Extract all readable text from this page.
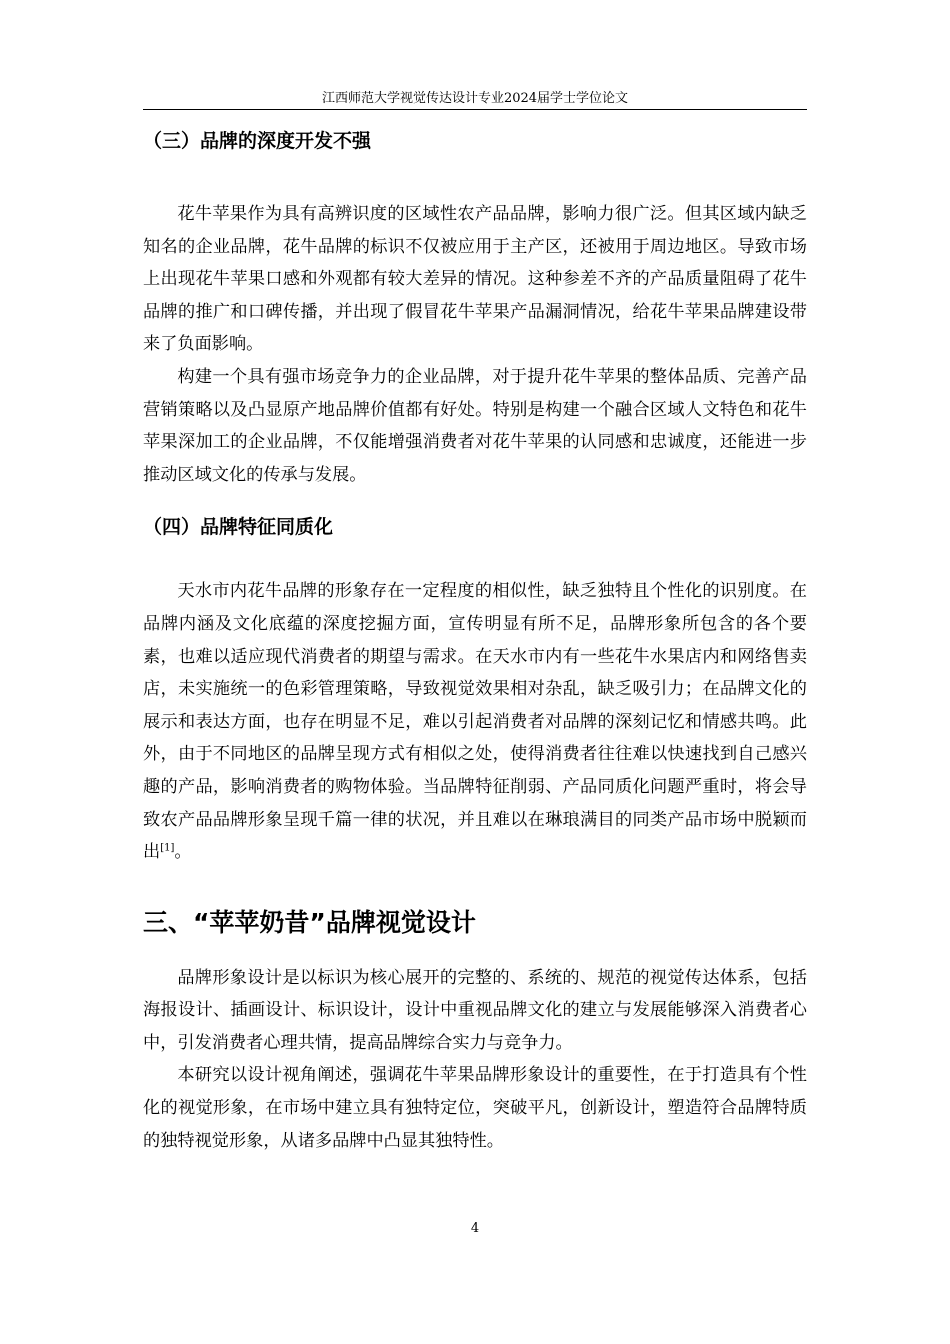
江西师范大学视觉传达设计专业2024届学士学位论文
（三）品牌的深度开发不强

花牛苹果作为具有高辨识度的区域性农产品品牌，影响力很广泛。但其区域内缺乏知名的企业品牌，花牛品牌的标识不仅被应用于主产区，还被用于周边地区。导致市场上出现花牛苹果口感和外观都有较大差异的情况。这种参差不齐的产品质量阻碍了花牛品牌的推广和口碑传播，并出现了假冒花牛苹果产品漏洞情况，给花牛苹果品牌建设带来了负面影响。

构建一个具有强市场竞争力的企业品牌，对于提升花牛苹果的整体品质、完善产品营销策略以及凸显原产地品牌价值都有好处。特别是构建一个融合区域人文特色和花牛苹果深加工的企业品牌，不仅能增强消费者对花牛苹果的认同感和忠诚度，还能进一步推动区域文化的传承与发展。

（四）品牌特征同质化

天水市内花牛品牌的形象存在一定程度的相似性，缺乏独特且个性化的识别度。在品牌内涵及文化底蕴的深度挖掘方面，宣传明显有所不足，品牌形象所包含的各个要素，也难以适应现代消费者的期望与需求。在天水市内有一些花牛水果店内和网络售卖店，未实施统一的色彩管理策略，导致视觉效果相对杂乱，缺乏吸引力；在品牌文化的展示和表达方面，也存在明显不足，难以引起消费者对品牌的深刻记忆和情感共鸣。此外，由于不同地区的品牌呈现方式有相似之处，使得消费者往往难以快速找到自己感兴趣的产品，影响消费者的购物体验。当品牌特征削弱、产品同质化问题严重时，将会导致农产品品牌形象呈现千篇一律的状况，并且难以在琳琅满目的同类产品市场中脱颖而出[1]。

三、“苹苹奶昔”品牌视觉设计

品牌形象设计是以标识为核心展开的完整的、系统的、规范的视觉传达体系，包括海报设计、插画设计、标识设计，设计中重视品牌文化的建立与发展能够深入消费者心中，引发消费者心理共情，提高品牌综合实力与竞争力。

本研究以设计视角阐述，强调花牛苹果品牌形象设计的重要性，在于打造具有个性化的视觉形象，在市场中建立具有独特定位，突破平凡，创新设计，塑造符合品牌特质的独特视觉形象，从诸多品牌中凸显其独特性。

4
